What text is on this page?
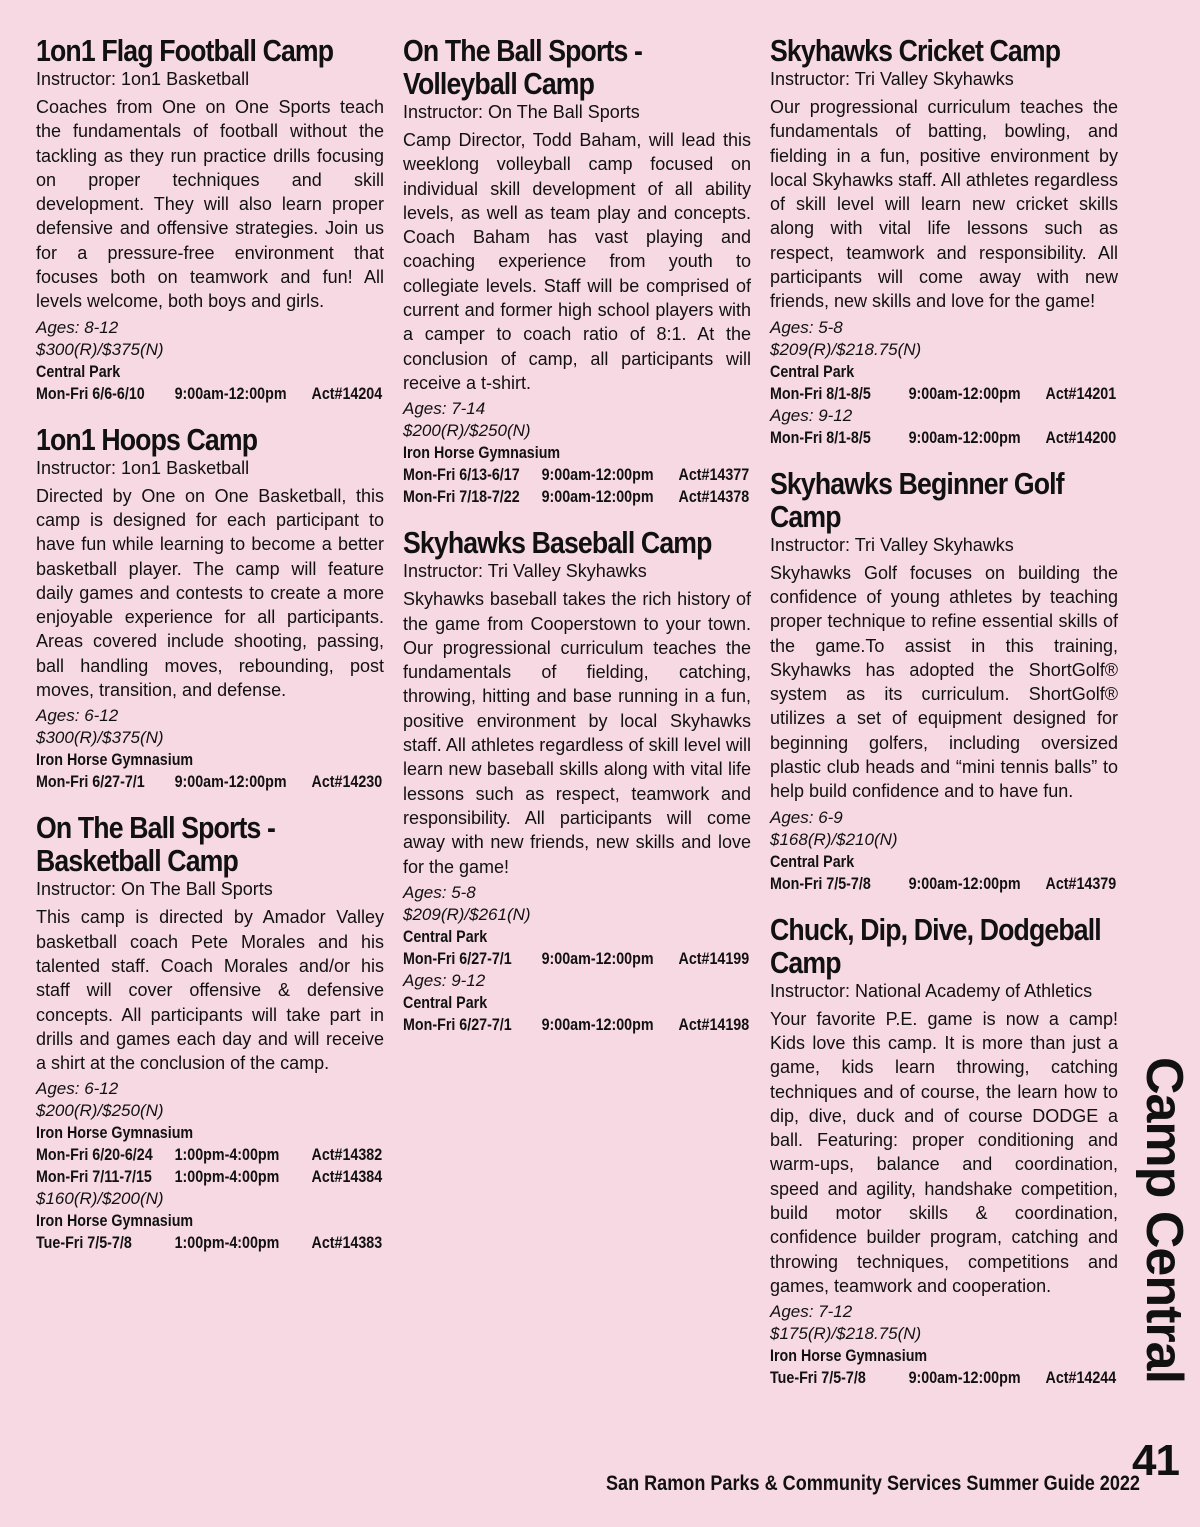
1on1 Flag Football Camp
Instructor: 1on1 Basketball
Coaches from One on One Sports teach the fundamentals of football without the tackling as they run practice drills focusing on proper techniques and skill development. They will also learn proper defensive and offensive strategies. Join us for a pressure-free environment that focuses both on teamwork and fun! All levels welcome, both boys and girls.
Ages: 8-12
$300(R)/$375(N)
Central Park
Mon-Fri 6/6-6/10	9:00am-12:00pm	Act#14204
1on1 Hoops Camp
Instructor: 1on1 Basketball
Directed by One on One Basketball, this camp is designed for each participant to have fun while learning to become a better basketball player. The camp will feature daily games and contests to create a more enjoyable experience for all participants. Areas covered include shooting, passing, ball handling moves, rebounding, post moves, transition, and defense.
Ages: 6-12
$300(R)/$375(N)
Iron Horse Gymnasium
Mon-Fri 6/27-7/1	9:00am-12:00pm	Act#14230
On The Ball Sports - Basketball Camp
Instructor: On The Ball Sports
This camp is directed by Amador Valley basketball coach Pete Morales and his talented staff. Coach Morales and/or his staff will cover offensive & defensive concepts. All participants will take part in drills and games each day and will receive a shirt at the conclusion of the camp.
Ages: 6-12
$200(R)/$250(N)
Iron Horse Gymnasium
Mon-Fri 6/20-6/24	1:00pm-4:00pm	Act#14382
Mon-Fri 7/11-7/15	1:00pm-4:00pm	Act#14384
$160(R)/$200(N)
Iron Horse Gymnasium
Tue-Fri 7/5-7/8	1:00pm-4:00pm	Act#14383
On The Ball Sports - Volleyball Camp
Instructor: On The Ball Sports
Camp Director, Todd Baham, will lead this weeklong volleyball camp focused on individual skill development of all ability levels, as well as team play and concepts. Coach Baham has vast playing and coaching experience from youth to collegiate levels. Staff will be comprised of current and former high school players with a camper to coach ratio of 8:1. At the conclusion of camp, all participants will receive a t-shirt.
Ages: 7-14
$200(R)/$250(N)
Iron Horse Gymnasium
Mon-Fri 6/13-6/17	9:00am-12:00pm	Act#14377
Mon-Fri 7/18-7/22	9:00am-12:00pm	Act#14378
Skyhawks Baseball Camp
Instructor: Tri Valley Skyhawks
Skyhawks baseball takes the rich history of the game from Cooperstown to your town. Our progressional curriculum teaches the fundamentals of fielding, catching, throwing, hitting and base running in a fun, positive environment by local Skyhawks staff. All athletes regardless of skill level will learn new baseball skills along with vital life lessons such as respect, teamwork and responsibility. All participants will come away with new friends, new skills and love for the game!
Ages: 5-8
$209(R)/$261(N)
Central Park
Mon-Fri 6/27-7/1	9:00am-12:00pm	Act#14199
Ages: 9-12
Central Park
Mon-Fri 6/27-7/1	9:00am-12:00pm	Act#14198
Skyhawks Cricket Camp
Instructor: Tri Valley Skyhawks
Our progressional curriculum teaches the fundamentals of batting, bowling, and fielding in a fun, positive environment by local Skyhawks staff. All athletes regardless of skill level will learn new cricket skills along with vital life lessons such as respect, teamwork and responsibility. All participants will come away with new friends, new skills and love for the game!
Ages: 5-8
$209(R)/$218.75(N)
Central Park
Mon-Fri 8/1-8/5	9:00am-12:00pm	Act#14201
Ages: 9-12
Mon-Fri 8/1-8/5	9:00am-12:00pm	Act#14200
Skyhawks Beginner Golf Camp
Instructor: Tri Valley Skyhawks
Skyhawks Golf focuses on building the confidence of young athletes by teaching proper technique to refine essential skills of the game.To assist in this training, Skyhawks has adopted the ShortGolf® system as its curriculum. ShortGolf® utilizes a set of equipment designed for beginning golfers, including oversized plastic club heads and “mini tennis balls” to help build confidence and to have fun.
Ages: 6-9
$168(R)/$210(N)
Central Park
Mon-Fri 7/5-7/8	9:00am-12:00pm	Act#14379
Chuck, Dip, Dive, Dodgeball Camp
Instructor: National Academy of Athletics
Your favorite P.E. game is now a camp! Kids love this camp. It is more than just a game, kids learn throwing, catching techniques and of course, the learn how to dip, dive, duck and of course DODGE a ball. Featuring: proper conditioning and warm-ups, balance and coordination, speed and agility, handshake competition, build motor skills & coordination, confidence builder program, catching and throwing techniques, competitions and games, teamwork and cooperation.
Ages: 7-12
$175(R)/$218.75(N)
Iron Horse Gymnasium
Tue-Fri 7/5-7/8	9:00am-12:00pm	Act#14244 Camp Central
41
San Ramon Parks & Community Services Summer Guide 2022
